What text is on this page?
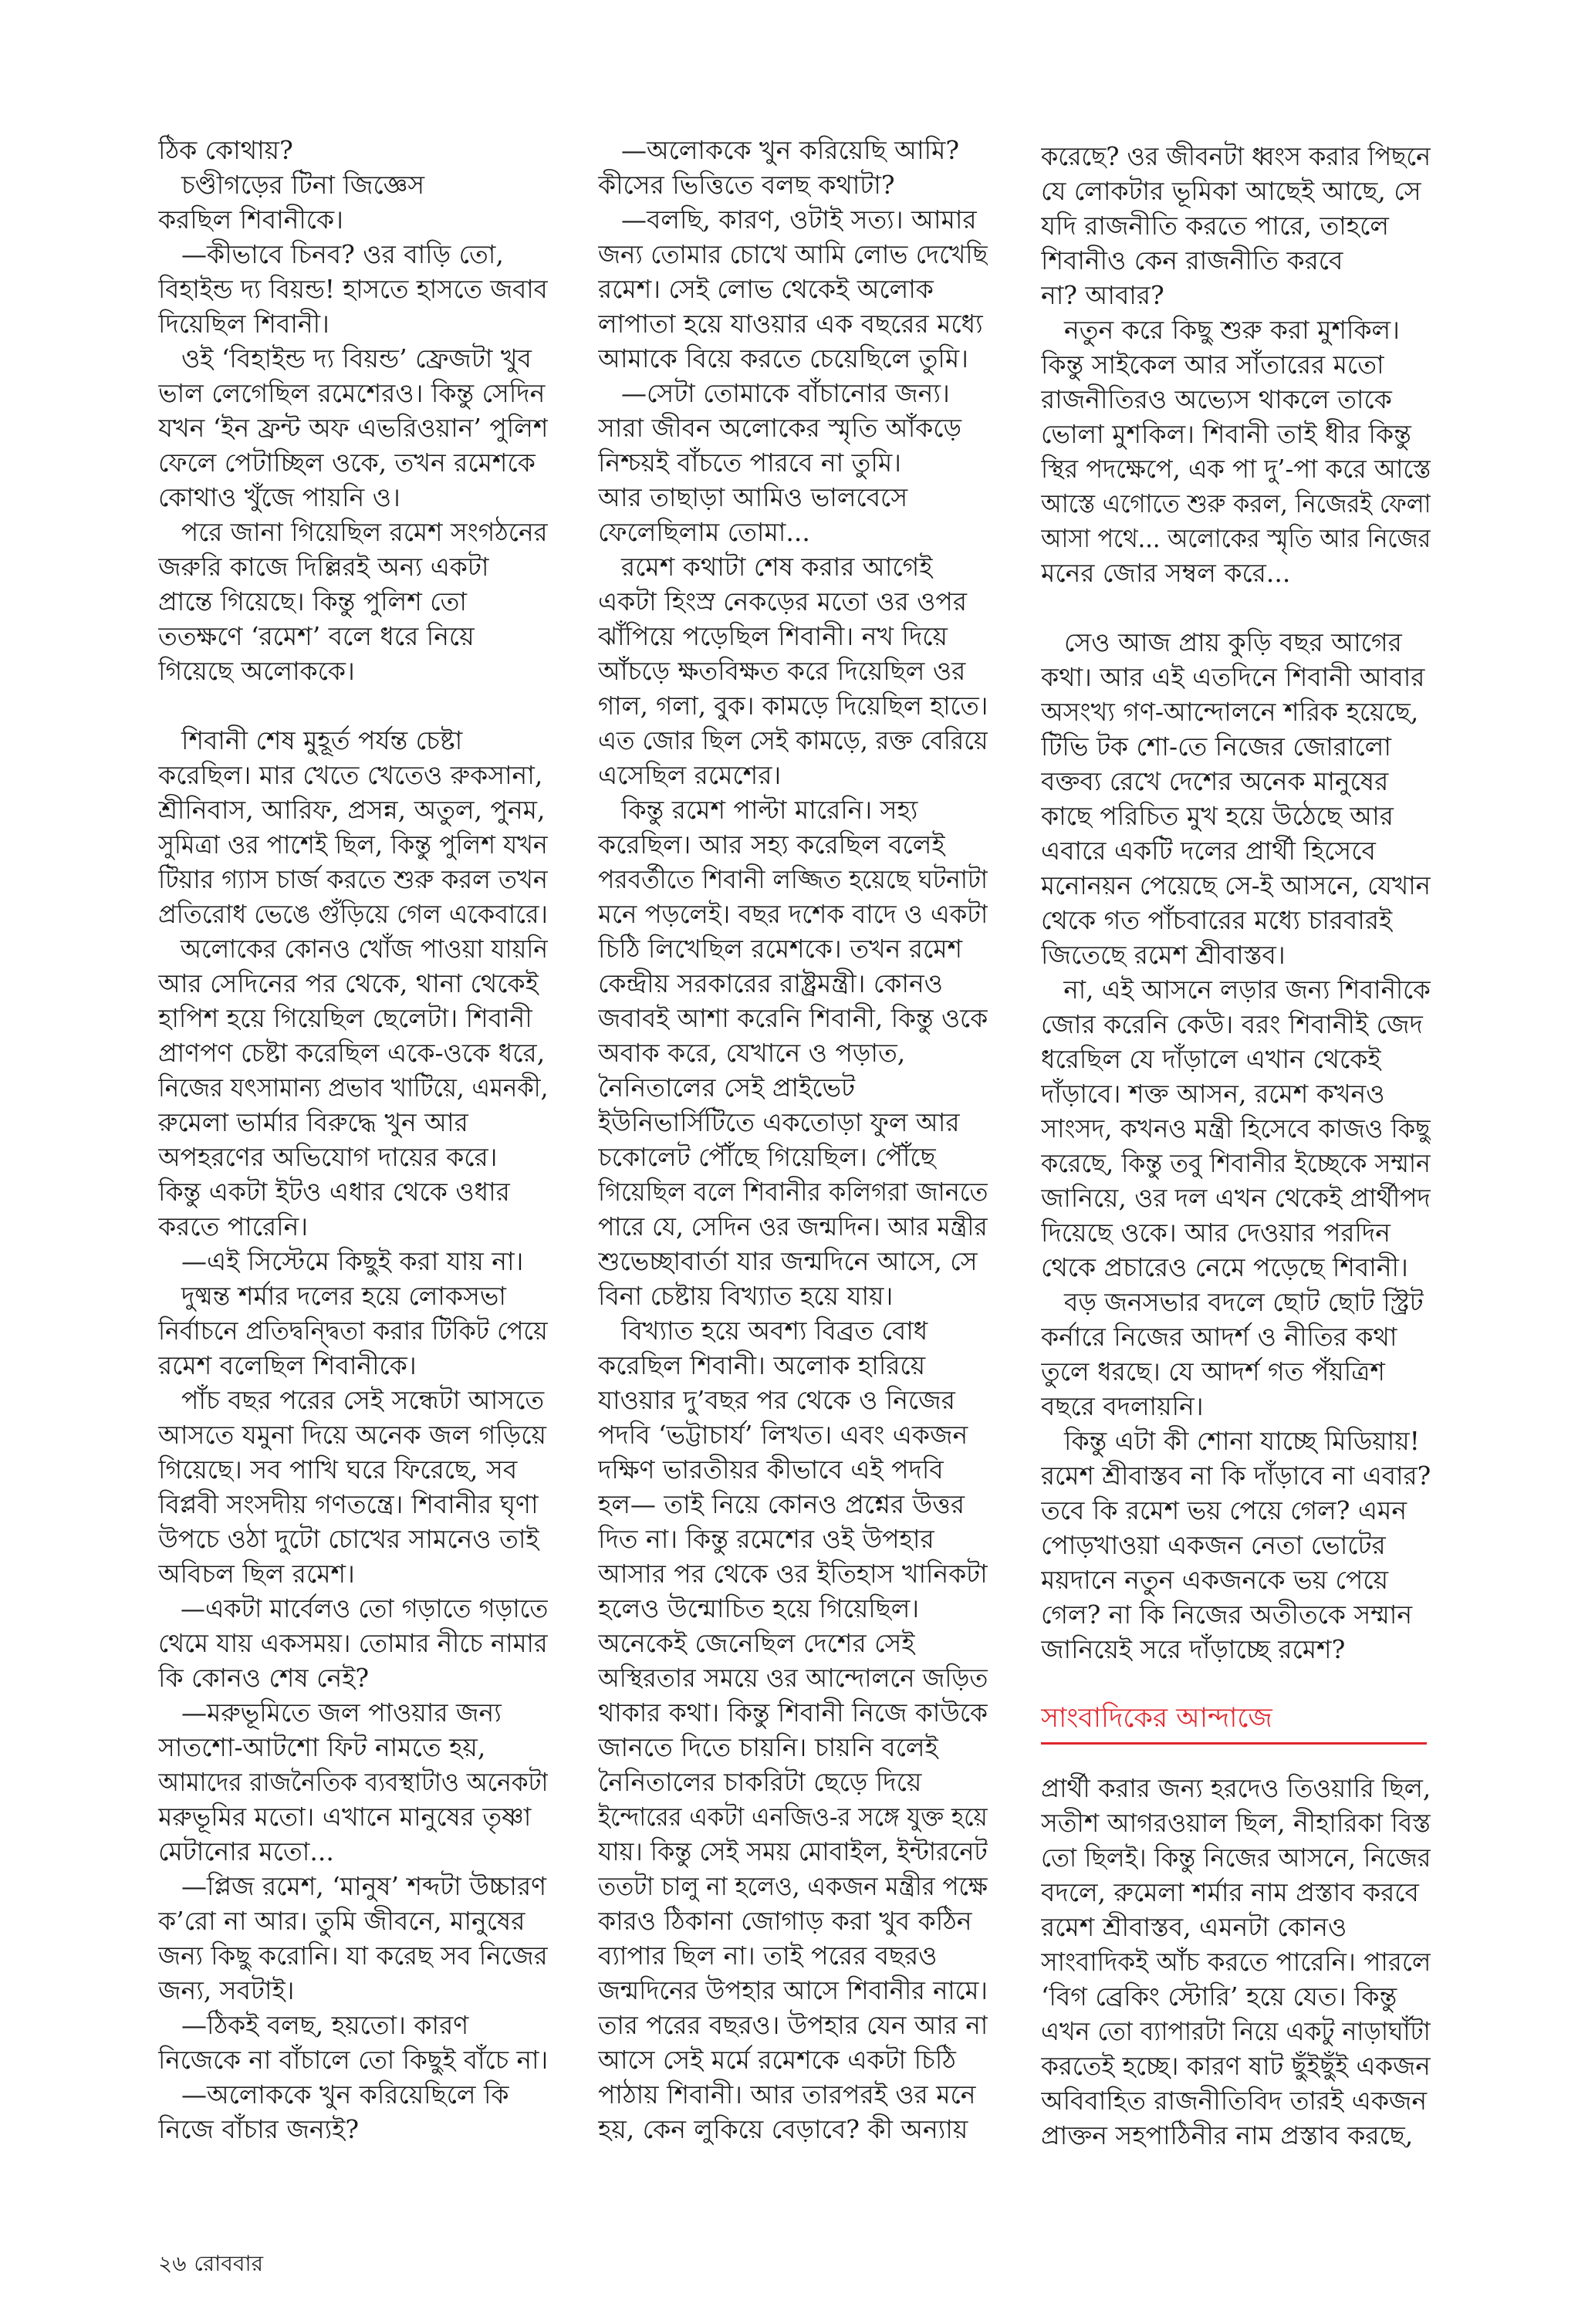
ঠিক কোথায়?
চণ্ডীগড়ের টিনা জিজ্ঞেস
করছিল শিবানীকে।
—কীভাবে চিনব? ওর বাড়ি তো,
বিহাইন্ড দ্য বিয়ন্ড! হাসতে হাসতে জবাব
দিয়েছিল শিবানী।
ওই ‘বিহাইন্ড দ্য বিয়ন্ড’ ফ্রেজটা খুব
ভাল লেগেছিল রমেশেরও। কিন্তু সেদিন
যখন ‘ইন ফ্রন্ট অফ এভরিওয়ান’ পুলিশ
ফেলে পেটাচ্ছিল ওকে, তখন রমেশকে
কোথাও খুঁজে পায়নি ও।
পরে জানা গিয়েছিল রমেশ সংগঠনের
জরুরি কাজে দিল্লিরই অন্য একটা
প্রান্তে গিয়েছে। কিন্তু পুলিশ তো
ততক্ষণে ‘রমেশ’ বলে ধরে নিয়ে
গিয়েছে অলোককে।
শিবানী শেষ মুহূর্ত পর্যন্ত চেষ্টা
করেছিল। মার খেতে খেতেও রুকসানা,
শ্রীনিবাস, আরিফ, প্রসন্ন, অতুল, পুনম,
সুমিত্রা ওর পাশেই ছিল, কিন্তু পুলিশ যখন
টিয়ার গ্যাস চার্জ করতে শুরু করল তখন
প্রতিরোধ ভেঙে গুঁড়িয়ে গেল একেবারে।
অলোকের কোনও খোঁজ পাওয়া যায়নি
আর সেদিনের পর থেকে, থানা থেকেই
হাপিশ হয়ে গিয়েছিল ছেলেটা। শিবানী
প্রাণপণ চেষ্টা করেছিল একে-ওকে ধরে,
নিজের যৎসামান্য প্রভাব খাটিয়ে, এমনকী,
রুমেলা ভার্মার বিরুদ্ধে খুন আর
অপহরণের অভিযোগ দায়ের করে।
কিন্তু একটা ইটও এধার থেকে ওধার
করতে পারেনি।
—এই সিস্টেমে কিছুই করা যায় না।
দুষ্মন্ত শর্মার দলের হয়ে লোকসভা
নির্বাচনে প্রতিদ্বন্দ্বিতা করার টিকিট পেয়ে
রমেশ বলেছিল শিবানীকে।
পাঁচ বছর পরের সেই সন্ধেটা আসতে
আসতে যমুনা দিয়ে অনেক জল গড়িয়ে
গিয়েছে। সব পাখি ঘরে ফিরেছে, সব
বিপ্লবী সংসদীয় গণতন্ত্রে। শিবানীর ঘৃণা
উপচে ওঠা দুটো চোখের সামনেও তাই
অবিচল ছিল রমেশ।
—একটা মার্বেলও তো গড়াতে গড়াতে
থেমে যায় একসময়। তোমার নীচে নামার
কি কোনও শেষ নেই?
—মরুভূমিতে জল পাওয়ার জন্য
সাতশো-আটশো ফিট নামতে হয়,
আমাদের রাজনৈতিক ব্যবস্থাটাও অনেকটা
মরুভূমির মতো। এখানে মানুষের তৃষ্ণা
মেটানোর মতো...
—প্লিজ রমেশ, ‘মানুষ’ শব্দটা উচ্চারণ
ক’রো না আর। তুমি জীবনে, মানুষের
জন্য কিছু করোনি। যা করেছ সব নিজের
জন্য, সবটাই।
—ঠিকই বলছ, হয়তো। কারণ
নিজেকে না বাঁচালে তো কিছুই বাঁচে না।
—অলোককে খুন করিয়েছিলে কি
নিজে বাঁচার জন্যই?
—অলোককে খুন করিয়েছি আমি?
কীসের ভিত্তিতে বলছ কথাটা?
—বলছি, কারণ, ওটাই সত্য। আমার
জন্য তোমার চোখে আমি লোভ দেখেছি
রমেশ। সেই লোভ থেকেই অলোক
লাপাতা হয়ে যাওয়ার এক বছরের মধ্যে
আমাকে বিয়ে করতে চেয়েছিলে তুমি।
—সেটা তোমাকে বাঁচানোর জন্য।
সারা জীবন অলোকের স্মৃতি আঁকড়ে
নিশ্চয়ই বাঁচতে পারবে না তুমি।
আর তাছাড়া আমিও ভালবেসে
ফেলেছিলাম তোমা...
রমেশ কথাটা শেষ করার আগেই
একটা হিংস্র নেকড়ের মতো ওর ওপর
ঝাঁপিয়ে পড়েছিল শিবানী। নখ দিয়ে
আঁচড়ে ক্ষতবিক্ষত করে দিয়েছিল ওর
গাল, গলা, বুক। কামড়ে দিয়েছিল হাতে।
এত জোর ছিল সেই কামড়ে, রক্ত বেরিয়ে
এসেছিল রমেশের।
কিন্তু রমেশ পাল্টা মারেনি। সহ্য
করেছিল। আর সহ্য করেছিল বলেই
পরবর্তীতে শিবানী লজ্জিত হয়েছে ঘটনাটা
মনে পড়লেই। বছর দশেক বাদে ও একটা
চিঠি লিখেছিল রমেশকে। তখন রমেশ
কেন্দ্রীয় সরকারের রাষ্ট্রমন্ত্রী। কোনও
জবাবই আশা করেনি শিবানী, কিন্তু ওকে
অবাক করে, যেখানে ও পড়াত,
নৈনিতালের সেই প্রাইভেট
ইউনিভার্সিটিতে একতোড়া ফুল আর
চকোলেট পৌঁছে গিয়েছিল। পৌঁছে
গিয়েছিল বলে শিবানীর কলিগরা জানতে
পারে যে, সেদিন ওর জন্মদিন। আর মন্ত্রীর
শুভেচ্ছাবার্তা যার জন্মদিনে আসে, সে
বিনা চেষ্টায় বিখ্যাত হয়ে যায়।
বিখ্যাত হয়ে অবশ্য বিব্রত বোধ
করেছিল শিবানী। অলোক হারিয়ে
যাওয়ার দু’বছর পর থেকে ও নিজের
পদবি ‘ভট্টাচার্য’ লিখত। এবং একজন
দক্ষিণ ভারতীয়র কীভাবে এই পদবি
হল— তাই নিয়ে কোনও প্রশ্নের উত্তর
দিত না। কিন্তু রমেশের ওই উপহার
আসার পর থেকে ওর ইতিহাস খানিকটা
হলেও উন্মোচিত হয়ে গিয়েছিল।
অনেকেই জেনেছিল দেশের সেই
অস্থিরতার সময়ে ওর আন্দোলনে জড়িত
থাকার কথা। কিন্তু শিবানী নিজে কাউকে
জানতে দিতে চায়নি। চায়নি বলেই
নৈনিতালের চাকরিটা ছেড়ে দিয়ে
ইন্দোরের একটা এনজিও-র সঙ্গে যুক্ত হয়ে
যায়। কিন্তু সেই সময় মোবাইল, ইন্টারনেট
ততটা চালু না হলেও, একজন মন্ত্রীর পক্ষে
কারও ঠিকানা জোগাড় করা খুব কঠিন
ব্যাপার ছিল না। তাই পরের বছরও
জন্মদিনের উপহার আসে শিবানীর নামে।
তার পরের বছরও। উপহার যেন আর না
আসে সেই মর্মে রমেশকে একটা চিঠি
পাঠায় শিবানী। আর তারপরই ওর মনে
হয়, কেন লুকিয়ে বেড়াবে? কী অন্যায়
করেছে? ওর জীবনটা ধ্বংস করার পিছনে
যে লোকটার ভূমিকা আছেই আছে, সে
যদি রাজনীতি করতে পারে, তাহলে
শিবানীও কেন রাজনীতি করবে
না? আবার?
নতুন করে কিছু শুরু করা মুশকিল।
কিন্তু সাইকেল আর সাঁতারের মতো
রাজনীতিরও অভ্যেস থাকলে তাকে
ভোলা মুশকিল। শিবানী তাই ধীর কিন্তু
স্থির পদক্ষেপে, এক পা দু’-পা করে আস্তে
আস্তে এগোতে শুরু করল, নিজেরই ফেলা
আসা পথে... অলোকের স্মৃতি আর নিজের
মনের জোর সম্বল করে...
সেও আজ প্রায় কুড়ি বছর আগের
কথা। আর এই এতদিনে শিবানী আবার
অসংখ্য গণ-আন্দোলনে শরিক হয়েছে,
টিভি টক শো-তে নিজের জোরালো
বক্তব্য রেখে দেশের অনেক মানুষের
কাছে পরিচিত মুখ হয়ে উঠেছে আর
এবারে একটি দলের প্রার্থী হিসেবে
মনোনয়ন পেয়েছে সে-ই আসনে, যেখান
থেকে গত পাঁচবারের মধ্যে চারবারই
জিতেছে রমেশ শ্রীবাস্তব।
না, এই আসনে লড়ার জন্য শিবানীকে
জোর করেনি কেউ। বরং শিবানীই জেদ
ধরেছিল যে দাঁড়ালে এখান থেকেই
দাঁড়াবে। শক্ত আসন, রমেশ কখনও
সাংসদ, কখনও মন্ত্রী হিসেবে কাজও কিছু
করেছে, কিন্তু তবু শিবানীর ইচ্ছেকে সম্মান
জানিয়ে, ওর দল এখন থেকেই প্রার্থীপদ
দিয়েছে ওকে। আর দেওয়ার পরদিন
থেকে প্রচারেও নেমে পড়েছে শিবানী।
বড় জনসভার বদলে ছোট ছোট স্ট্রিট
কর্নারে নিজের আদর্শ ও নীতির কথা
তুলে ধরছে। যে আদর্শ গত পঁয়ত্রিশ
বছরে বদলায়নি।
কিন্তু এটা কী শোনা যাচ্ছে মিডিয়ায়!
রমেশ শ্রীবাস্তব না কি দাঁড়াবে না এবার?
তবে কি রমেশ ভয় পেয়ে গেল? এমন
পোড়খাওয়া একজন নেতা ভোটের
ময়দানে নতুন একজনকে ভয় পেয়ে
গেল? না কি নিজের অতীতকে সম্মান
জানিয়েই সরে দাঁড়াচ্ছে রমেশ?
সাংবাদিকের আন্দাজে
প্রার্থী করার জন্য হরদেও তিওয়ারি ছিল,
সতীশ আগরওয়াল ছিল, নীহারিকা বিস্ত
তো ছিলই। কিন্তু নিজের আসনে, নিজের
বদলে, রুমেলা শর্মার নাম প্রস্তাব করবে
রমেশ শ্রীবাস্তব, এমনটা কোনও
সাংবাদিকই আঁচ করতে পারেনি। পারলে
‘বিগ ব্রেকিং স্টোরি’ হয়ে যেত। কিন্তু
এখন তো ব্যাপারটা নিয়ে একটু নাড়াঘাঁটা
করতেই হচ্ছে। কারণ ষাট ছুঁইছুঁই একজন
অবিবাহিত রাজনীতিবিদ তারই একজন
প্রাক্তন সহপাঠিনীর নাম প্রস্তাব করছে,
২৬ রোববার
